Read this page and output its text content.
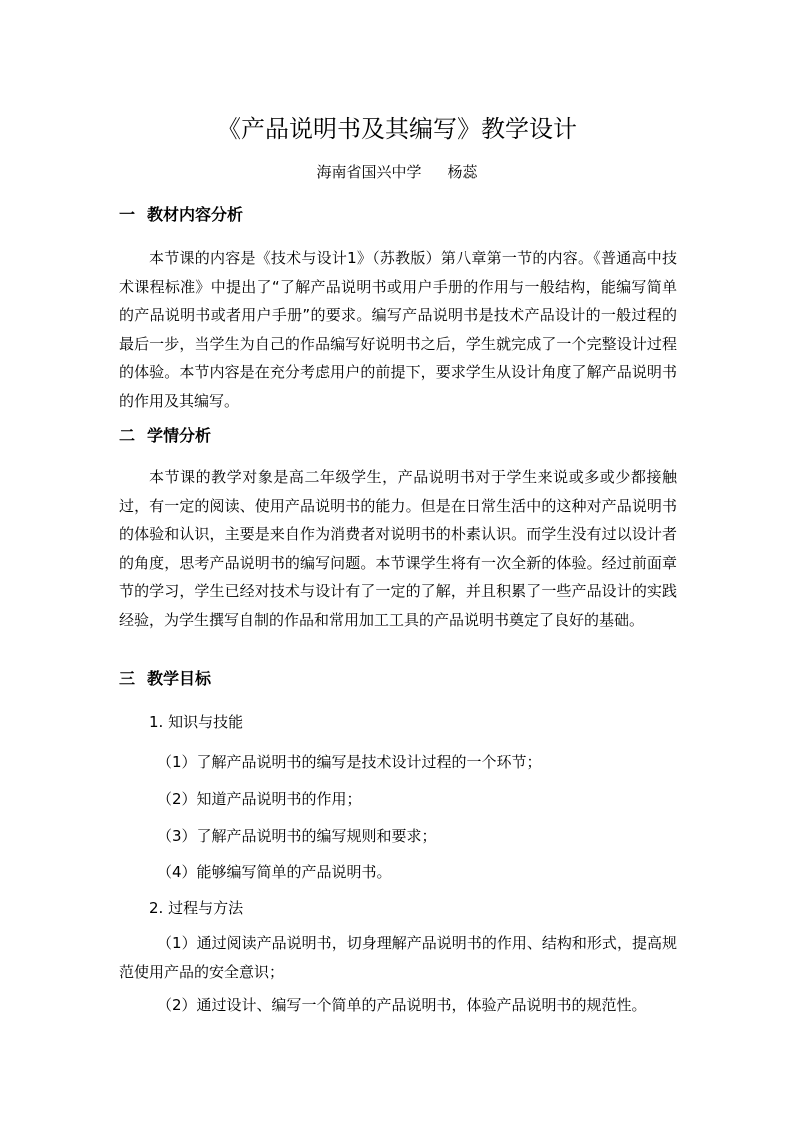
《产品说明书及其编写》教学设计
海南省国兴中学 杨蕊
一 教材内容分析

本节课的内容是《技术与设计1》（苏教版）第八章第一节的内容。《普通高中技术课程标准》中提出了“了解产品说明书或用户手册的作用与一般结构，能编写简单的产品说明书或者用户手册”的要求。编写产品说明书是技术产品设计的一般过程的最后一步，当学生为自己的作品编写好说明书之后，学生就完成了一个完整设计过程的体验。本节内容是在充分考虑用户的前提下，要求学生从设计角度了解产品说明书的作用及其编写。

二 学情分析

本节课的教学对象是高二年级学生，产品说明书对于学生来说或多或少都接触过，有一定的阅读、使用产品说明书的能力。但是在日常生活中的这种对产品说明书的体验和认识，主要是来自作为消费者对说明书的朴素认识。而学生没有过以设计者的角度，思考产品说明书的编写问题。本节课学生将有一次全新的体验。经过前面章节的学习，学生已经对技术与设计有了一定的了解，并且积累了一些产品设计的实践经验，为学生撰写自制的作品和常用加工工具的产品说明书奠定了良好的基础。

三 教学目标

1. 知识与技能

（1）了解产品说明书的编写是技术设计过程的一个环节；

（2）知道产品说明书的作用；

（3）了解产品说明书的编写规则和要求；

（4）能够编写简单的产品说明书。

2. 过程与方法

（1）通过阅读产品说明书，切身理解产品说明书的作用、结构和形式，提高规范使用产品的安全意识；

（2）通过设计、编写一个简单的产品说明书，体验产品说明书的规范性。
